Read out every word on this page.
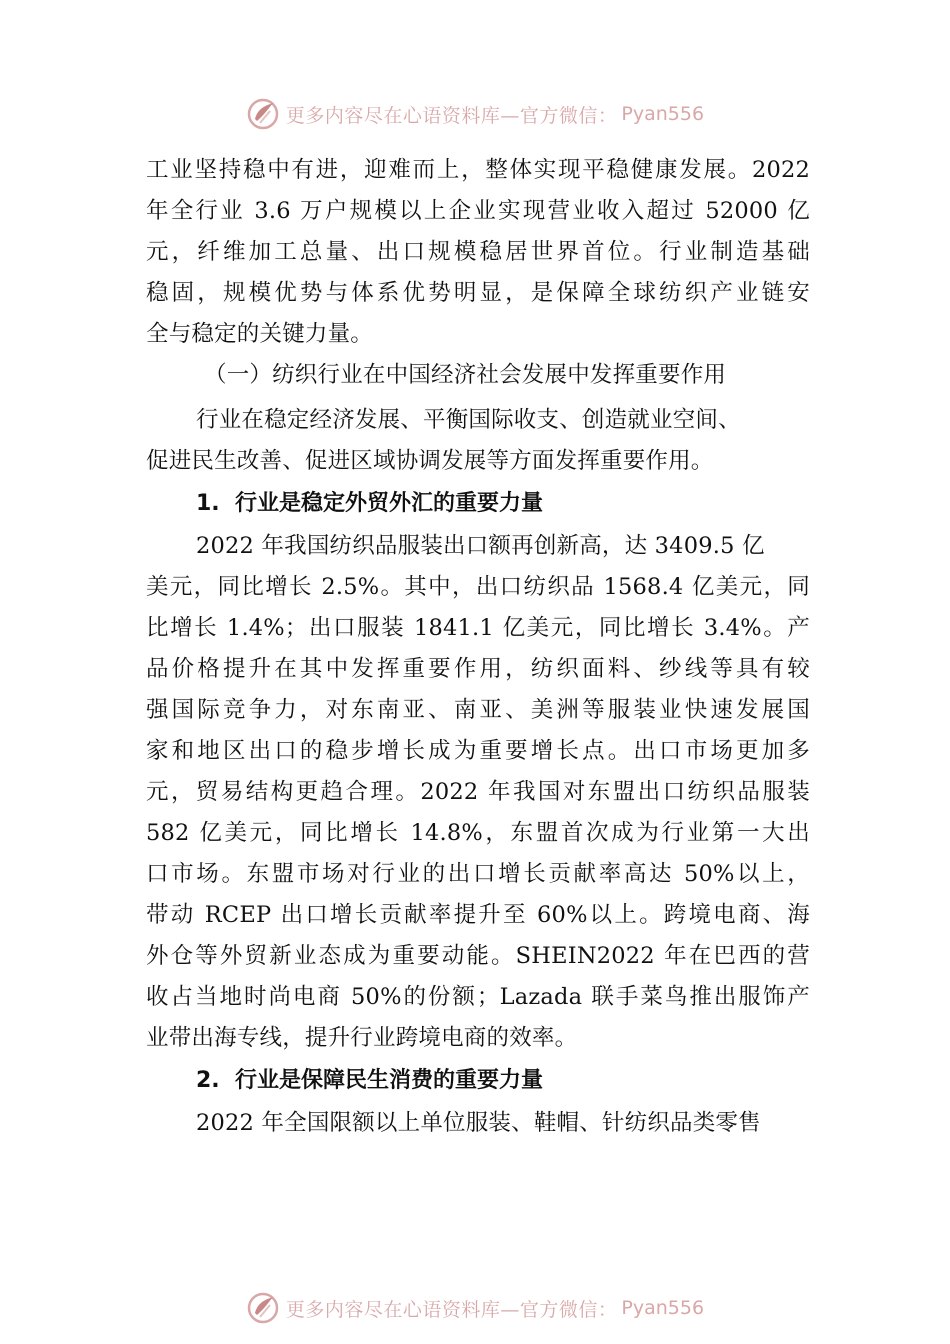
更多内容尽在心语资料库—官方微信： Pyan556
工业坚持稳中有进，迎难而上，整体实现平稳健康发展。2022
年全行业 3.6 万户规模以上企业实现营业收入超过 52000 亿
元，纤维加工总量、出口规模稳居世界首位。行业制造基础
稳固，规模优势与体系优势明显，是保障全球纺织产业链安
全与稳定的关键力量。
（一）纺织行业在中国经济社会发展中发挥重要作用
行业在稳定经济发展、平衡国际收支、创造就业空间、
促进民生改善、促进区域协调发展等方面发挥重要作用。
1.  行业是稳定外贸外汇的重要力量
2022 年我国纺织品服装出口额再创新高，达 3409.5 亿
美元，同比增长 2.5%。其中，出口纺织品 1568.4 亿美元，同
比增长 1.4%；出口服装 1841.1 亿美元，同比增长 3.4%。产
品价格提升在其中发挥重要作用，纺织面料、纱线等具有较
强国际竞争力，对东南亚、南亚、美洲等服装业快速发展国
家和地区出口的稳步增长成为重要增长点。出口市场更加多
元，贸易结构更趋合理。2022 年我国对东盟出口纺织品服装
582 亿美元，同比增长 14.8%，东盟首次成为行业第一大出
口市场。东盟市场对行业的出口增长贡献率高达 50%以上，
带动 RCEP 出口增长贡献率提升至 60%以上。跨境电商、海
外仓等外贸新业态成为重要动能。SHEIN2022 年在巴西的营
收占当地时尚电商 50%的份额；Lazada 联手菜鸟推出服饰产
业带出海专线，提升行业跨境电商的效率。
2.  行业是保障民生消费的重要力量
2022 年全国限额以上单位服装、鞋帽、针纺织品类零售
更多内容尽在心语资料库—官方微信： Pyan556
